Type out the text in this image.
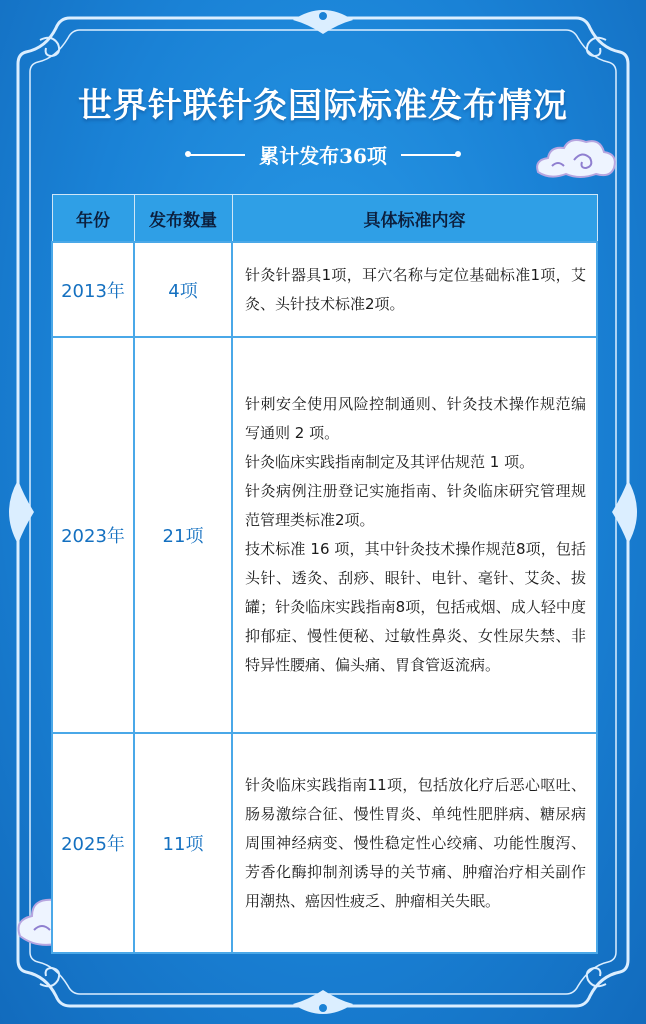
世界针联针灸国际标准发布情况
累计发布36项
年份	发布数量	具体标准内容
2013年	4项	针灸针器具1项，耳穴名称与定位基础标准1项，艾灸、头针技术标准2项。

2023年	21项	针刺安全使用风险控制通则、针灸技术操作规范编写通则 2 项。
针灸临床实践指南制定及其评估规范 1 项。
针灸病例注册登记实施指南、针灸临床研究管理规范管理类标准2项。
技术标准 16 项，其中针灸技术操作规范8项，包括头针、透灸、刮痧、眼针、电针、毫针、艾灸、拔罐；针灸临床实践指南8项，包括戒烟、成人轻中度抑郁症、慢性便秘、过敏性鼻炎、女性尿失禁、非特异性腰痛、偏头痛、胃食管返流病。

2025年	11项	针灸临床实践指南11项，包括放化疗后恶心呕吐、肠易激综合征、慢性胃炎、单纯性肥胖病、糖尿病周围神经病变、慢性稳定性心绞痛、功能性腹泻、芳香化酶抑制剂诱导的关节痛、肿瘤治疗相关副作用潮热、癌因性疲乏、肿瘤相关失眠。
